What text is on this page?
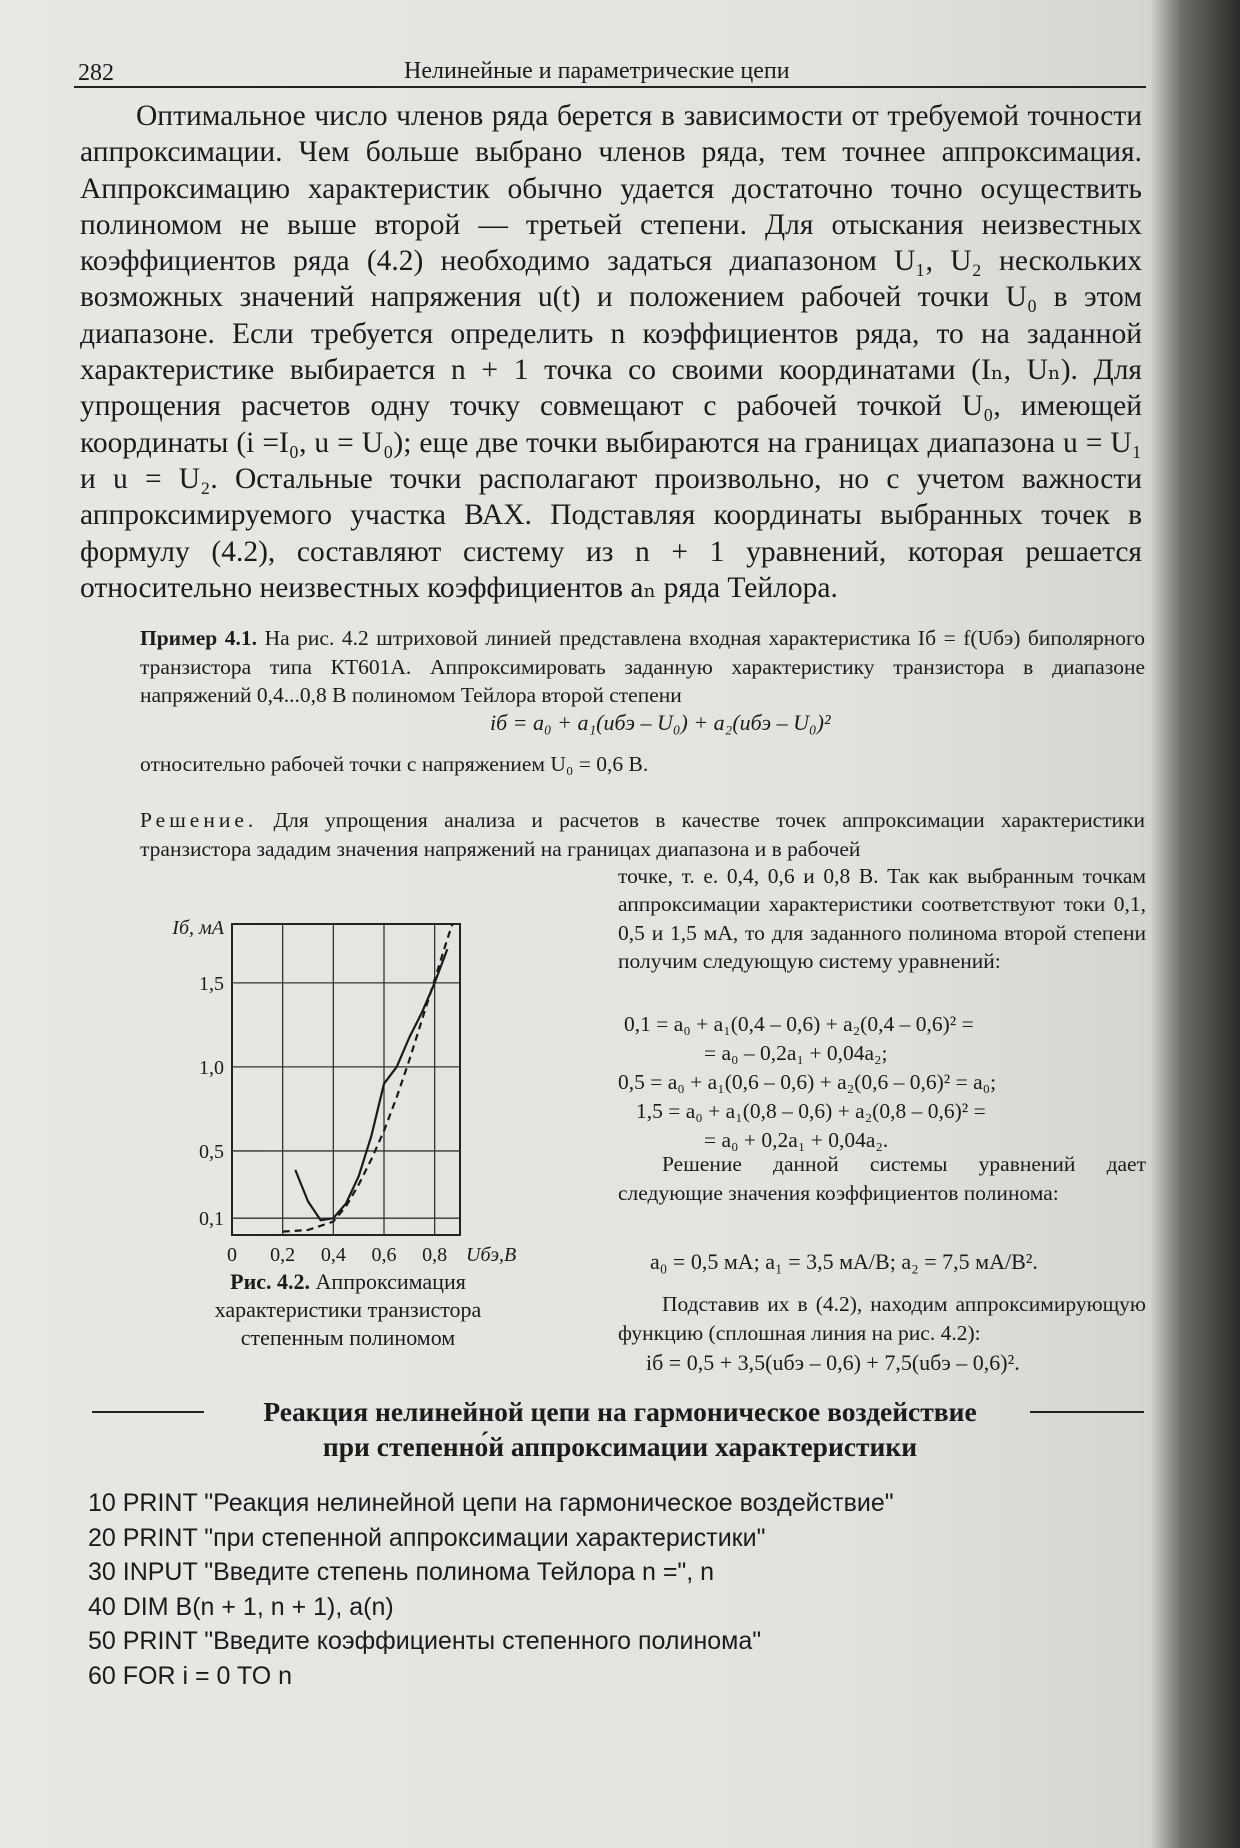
282	Нелинейные и параметрические цепи

Оптимальное число членов ряда берется в зависимости от требуемой точности аппроксимации. Чем больше выбрано членов ряда, тем точнее аппроксимация. Аппроксимацию характеристик обычно удается достаточно точно осуществить полиномом не выше второй — третьей степени. Для отыскания неизвестных коэффициентов ряда (4.2) необходимо задаться диапазоном U₁, U₂ нескольких возможных значений напряжения u(t) и положением рабочей точки U₀ в этом диапазоне. Если требуется определить n коэффициентов ряда, то на заданной характеристике выбирается n + 1 точка со своими координатами (Iₙ, Uₙ). Для упрощения расчетов одну точку совмещают с рабочей точкой U₀, имеющей координаты (i =I₀, u = U₀); еще две точки выбираются на границах диапазона u = U₁ и u = U₂. Остальные точки располагают произвольно, но с учетом важности аппроксимируемого участка ВАХ. Подставляя координаты выбранных точек в формулу (4.2), составляют систему из n + 1 уравнений, которая решается относительно неизвестных коэффициентов aₙ ряда Тейлора.

Пример 4.1. На рис. 4.2 штриховой линией представлена входная характеристика Iб = f(Uбэ) биполярного транзистора типа КТ601А. Аппроксимировать заданную характеристику транзистора в диапазоне напряжений 0,4...0,8 В полиномом Тейлора второй степени

iб = a₀ + a₁(uбэ – U₀) + a₂(uбэ – U₀)²
относительно рабочей точки с напряжением U₀ = 0,6 В.

Решение. Для упрощения анализа и расчетов в качестве точек аппроксимации характеристики транзистора зададим значения напряжений на границах диапазона и в рабочей

точке, т. е. 0,4, 0,6 и 0,8 В. Так как выбранным точкам аппроксимации характеристики соответствуют токи 0,1, 0,5 и 1,5 мА, то для заданного полинома второй степени получим следующую систему уравнений:

0,1 = a₀ + a₁(0,4 – 0,6) + a₂(0,4 – 0,6)² =
= a₀ – 0,2a₁ + 0,04a₂;
0,5 = a₀ + a₁(0,6 – 0,6) + a₂(0,6 – 0,6)² = a₀;
1,5 = a₀ + a₁(0,8 – 0,6) + a₂(0,8 – 0,6)² =
= a₀ + 0,2a₁ + 0,04a₂.

Решение данной системы уравнений дает следующие значения коэффициентов полинома:

a₀ = 0,5 мА; a₁ = 3,5 мА/В; a₂ = 7,5 мА/В².

Подставив их в (4.2), находим аппроксимирующую функцию (сплошная линия на рис. 4.2):

iб = 0,5 + 3,5(uбэ – 0,6) + 7,5(uбэ – 0,6)².
0 0,2 0,4 0,6 0,8
0,1
0,5
1,0
1,5
Iб, мА
Uбэ,В
Рис. 4.2. Аппроксимация характеристики транзистора степенным полиномом
Реакция нелинейной цепи на гармоническое воздействие
при степенно́й аппроксимации характеристики
10 PRINT "Реакция нелинейной цепи на гармоническое воздействие"
20 PRINT "при степенной аппроксимации характеристики"
30 INPUT "Введите степень полинома Тейлора n =", n
40 DIM B(n + 1, n + 1), a(n)
50 PRINT "Введите коэффициенты степенного полинома"
60 FOR i = 0 TO n
